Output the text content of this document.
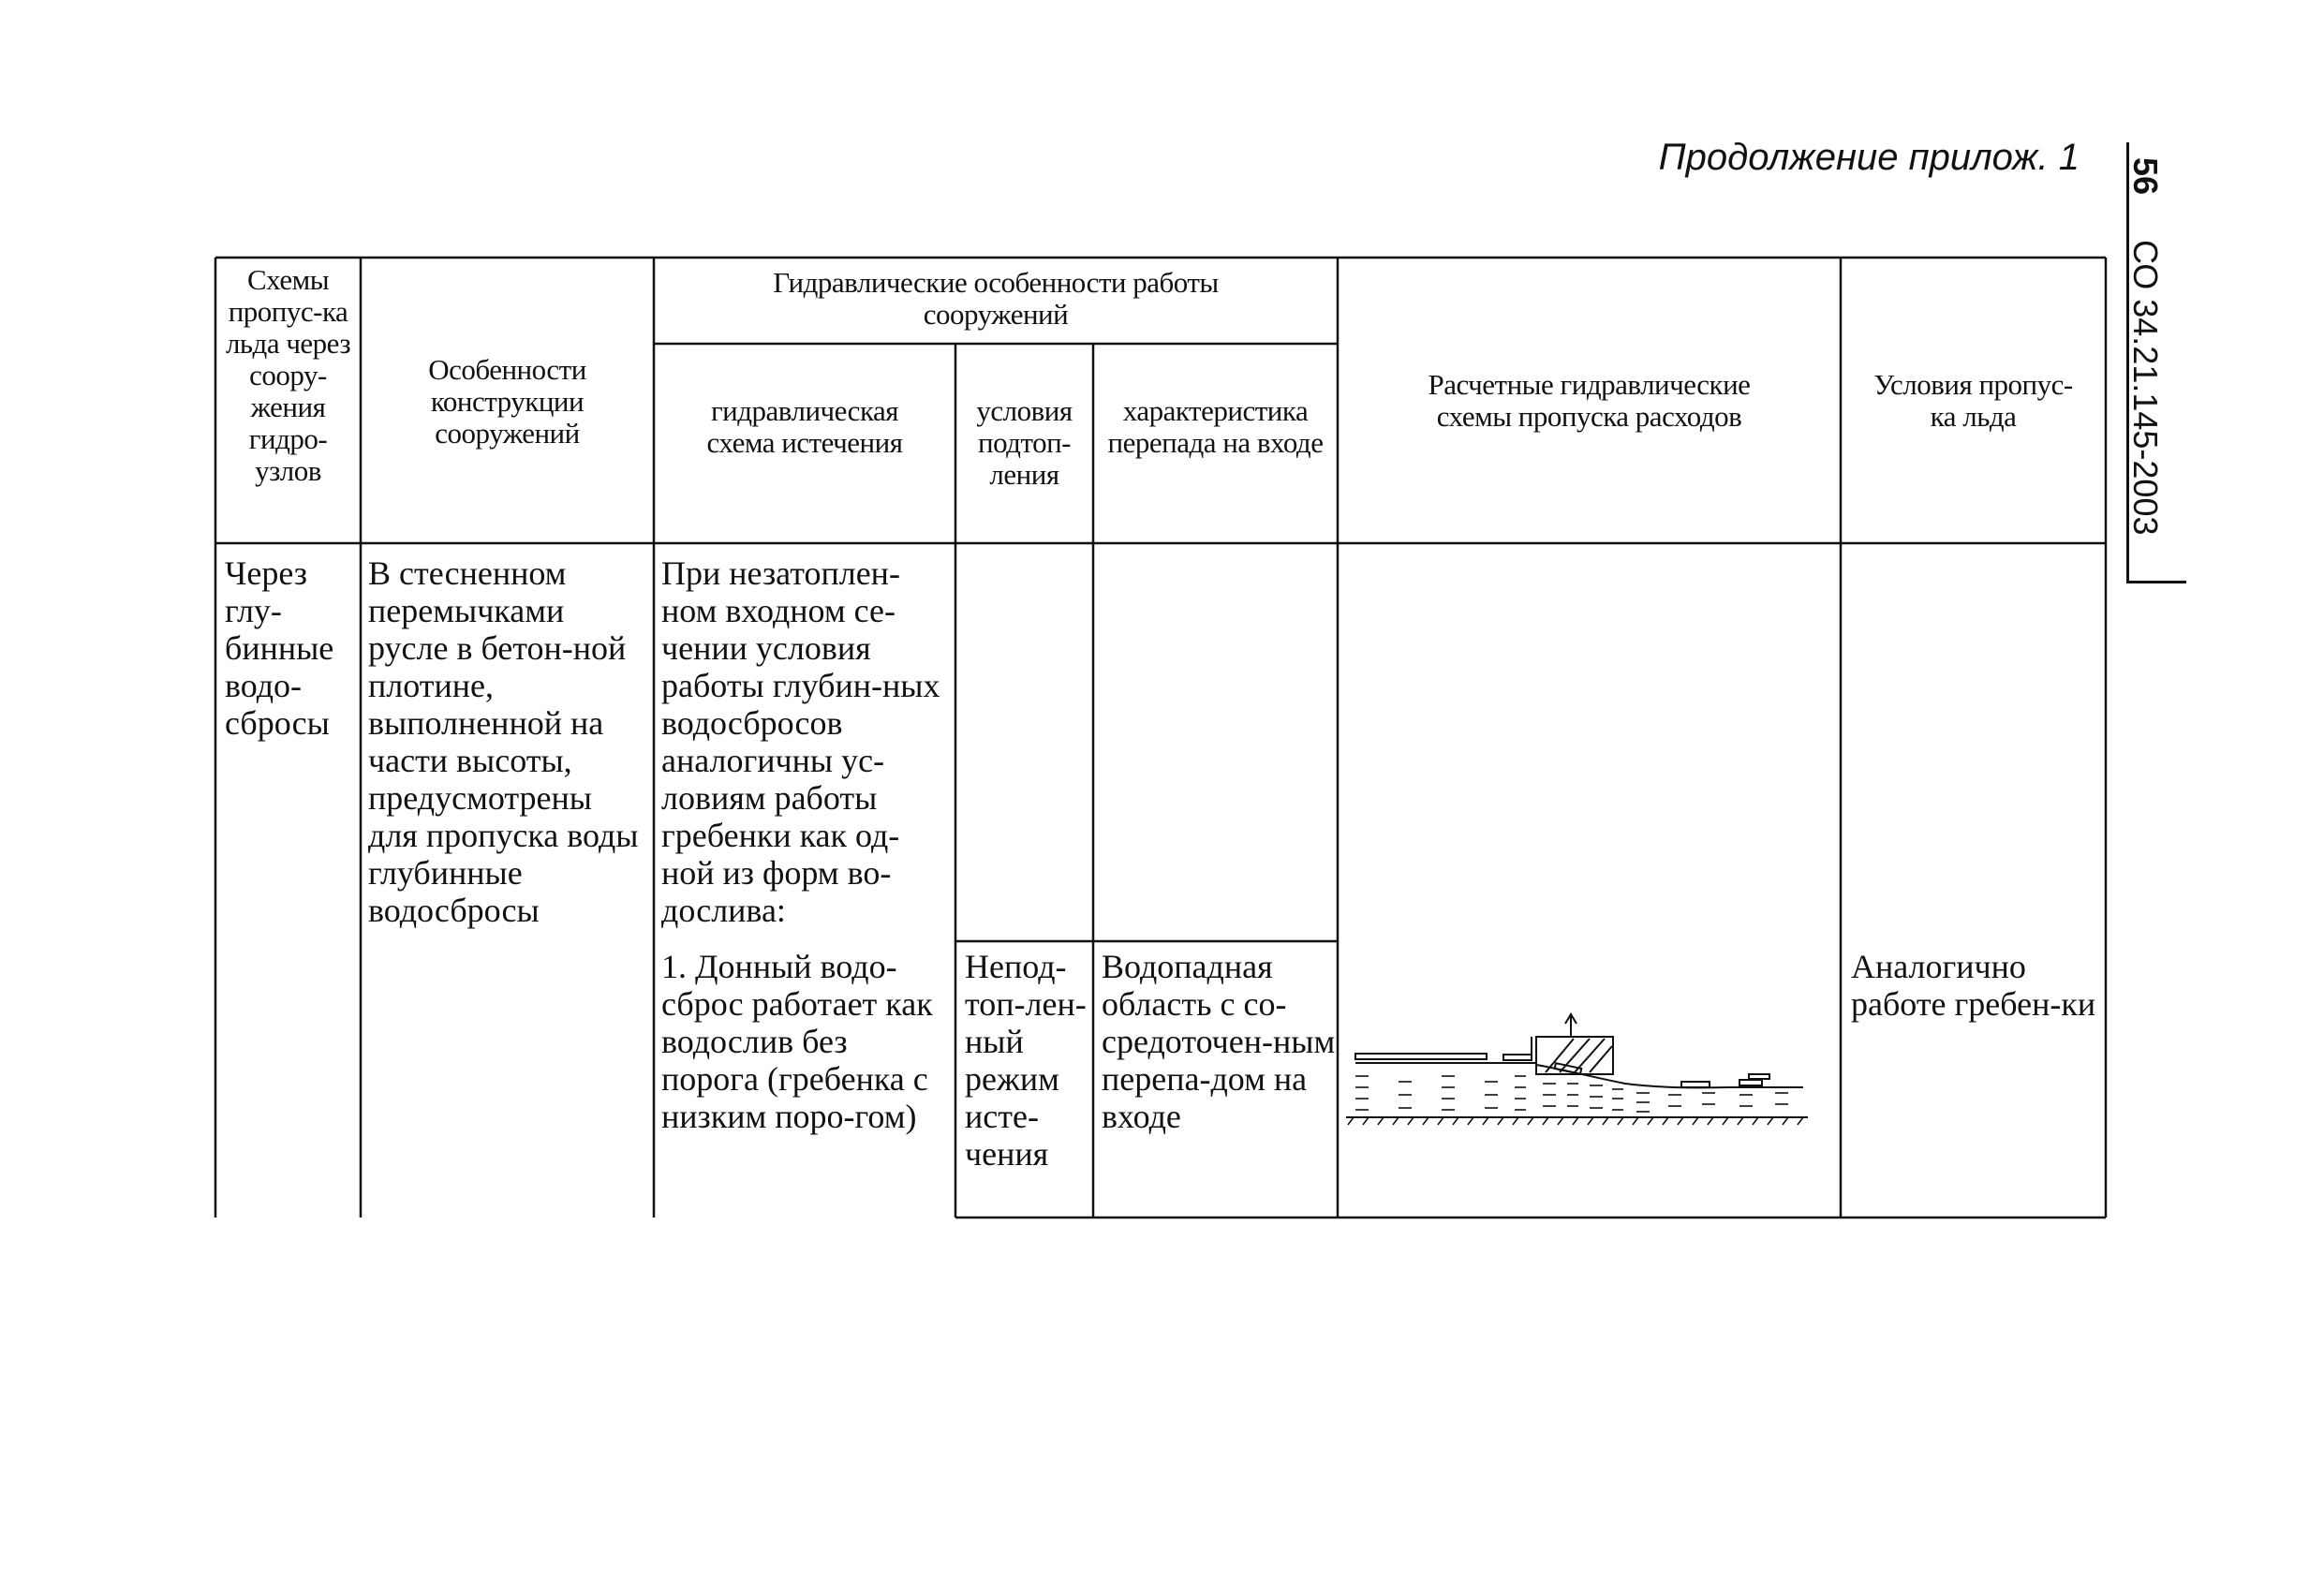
Продолжение прилож. 1 56СО 34.21.145-2003
Схемы пропус-ка льда через соору-жения гидро-узлов
Особенности конструкции сооружений
Гидравлические особенности работы сооружений
гидравлическая схема истечения
условия подтоп-ления
характеристика перепада на входе
Расчетные гидравлические схемы пропуска расходов
Условия пропус-ка льда
Через глу-бинные водо-сбросы
В стесненном перемычками русле в бетон-ной плотине, выполненной на части высоты, предусмотрены для пропуска воды глубинные водосбросы
При незатоплен-ном входном се-чении условия работы глубин-ных водосбросов аналогичны ус-ловиям работы гребенки как од-ной из форм во-дослива:
1. Донный водо-сброс работает как водослив без порога (гребенка с низким поро-гом)
Непод-топ-лен-ный режим исте-чения
Водопадная область с со-средоточен-ным перепа-дом на входе
Аналогично работе гребен-ки
